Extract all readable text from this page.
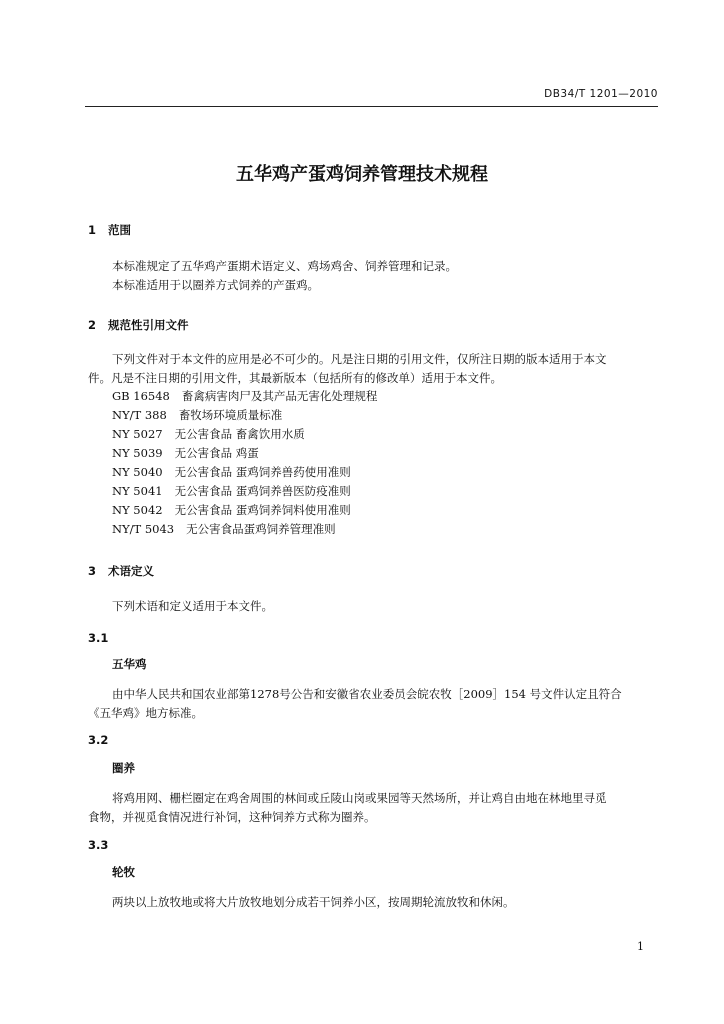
DB34/T 1201—2010
五华鸡产蛋鸡饲养管理技术规程
1 范围
本标准规定了五华鸡产蛋期术语定义、鸡场鸡舍、饲养管理和记录。
本标准适用于以圈养方式饲养的产蛋鸡。
2 规范性引用文件
下列文件对于本文件的应用是必不可少的。凡是注日期的引用文件，仅所注日期的版本适用于本文
件。凡是不注日期的引用文件，其最新版本（包括所有的修改单）适用于本文件。
GB 16548 畜禽病害肉尸及其产品无害化处理规程
NY/T 388 畜牧场环境质量标准
NY 5027 无公害食品 畜禽饮用水质
NY 5039 无公害食品 鸡蛋
NY 5040 无公害食品 蛋鸡饲养兽药使用准则
NY 5041 无公害食品 蛋鸡饲养兽医防疫准则
NY 5042 无公害食品 蛋鸡饲养饲料使用准则
NY/T 5043 无公害食品蛋鸡饲养管理准则
3 术语定义
下列术语和定义适用于本文件。
3.1
五华鸡
由中华人民共和国农业部第1278号公告和安徽省农业委员会皖农牧［2009］154 号文件认定且符合
《五华鸡》地方标准。
3.2
圈养
将鸡用网、栅栏圈定在鸡舍周围的林间或丘陵山岗或果园等天然场所，并让鸡自由地在林地里寻觅
食物，并视觅食情况进行补饲，这种饲养方式称为圈养。
3.3
轮牧
两块以上放牧地或将大片放牧地划分成若干饲养小区，按周期轮流放牧和休闲。
1
